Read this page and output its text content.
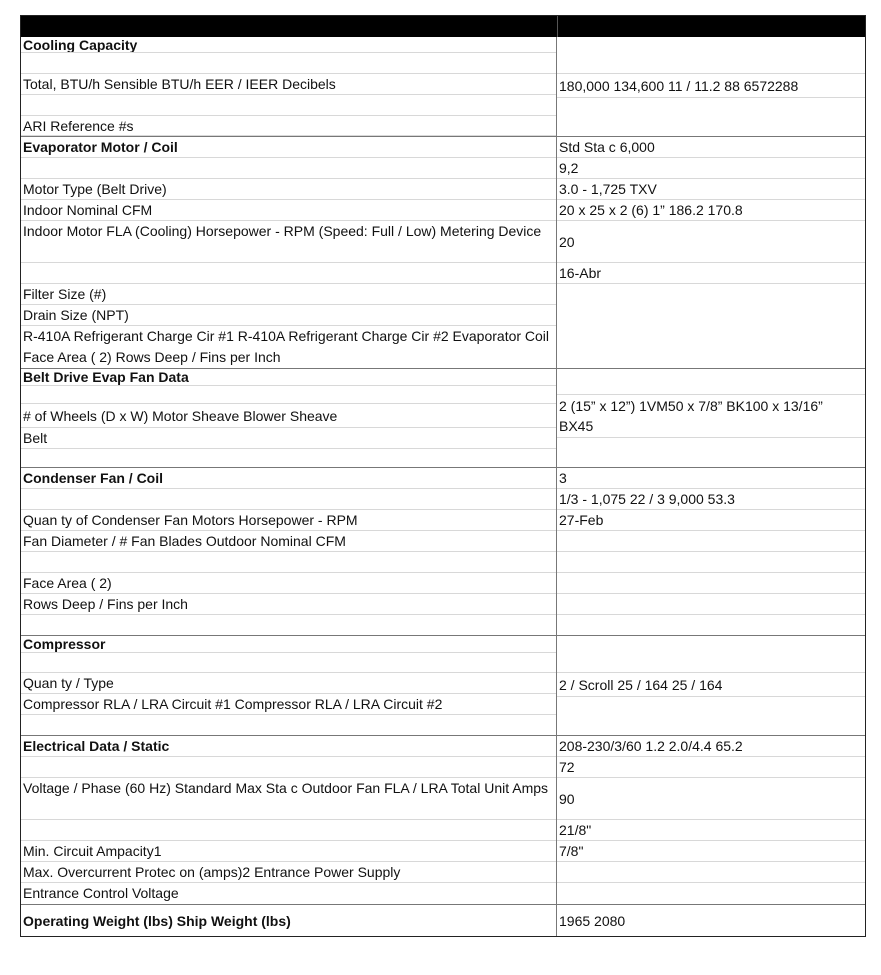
Cooling Capacity
Total, BTU/h Sensible BTU/h EER / IEER Decibels
ARI Reference #s
180,000 134,600 11 / 11.2 88 6572288
Evaporator Motor / Coil
Motor Type (Belt Drive)
Indoor Nominal CFM
Indoor Motor FLA (Cooling) Horsepower - RPM (Speed: Full / Low) Metering Device
Filter Size (#)
Drain Size (NPT)
R-410A Refrigerant Charge Cir #1 R-410A Refrigerant Charge Cir #2 Evaporator Coil Face Area ( 2) Rows Deep / Fins per Inch
Std Sta c 6,000
9,2
3.0 - 1,725 TXV
20 x 25 x 2 (6) 1” 186.2 170.8
20
16-Abr
Belt Drive Evap Fan Data
# of Wheels (D x W) Motor Sheave Blower Sheave
Belt
2 (15” x 12”) 1VM50 x 7/8” BK100 x 13/16”
BX45
Condenser Fan / Coil
Quan ty of Condenser Fan Motors Horsepower - RPM
Fan Diameter / # Fan Blades Outdoor Nominal CFM
Face Area ( 2)
Rows Deep / Fins per Inch
3
1/3 - 1,075 22 / 3 9,000 53.3
27-Feb
Compressor
Quan ty / Type
Compressor RLA / LRA Circuit #1 Compressor RLA / LRA Circuit #2
2 / Scroll 25 / 164 25 / 164
Electrical Data / Static
Voltage / Phase (60 Hz) Standard Max Sta c Outdoor Fan FLA / LRA Total Unit Amps
Min. Circuit Ampacity1
Max. Overcurrent Protec on (amps)2 Entrance Power Supply
Entrance Control Voltage
208-230/3/60 1.2 2.0/4.4 65.2
72
90
21/8"
7/8"
Operating Weight (lbs) Ship Weight (lbs)	1965 2080
